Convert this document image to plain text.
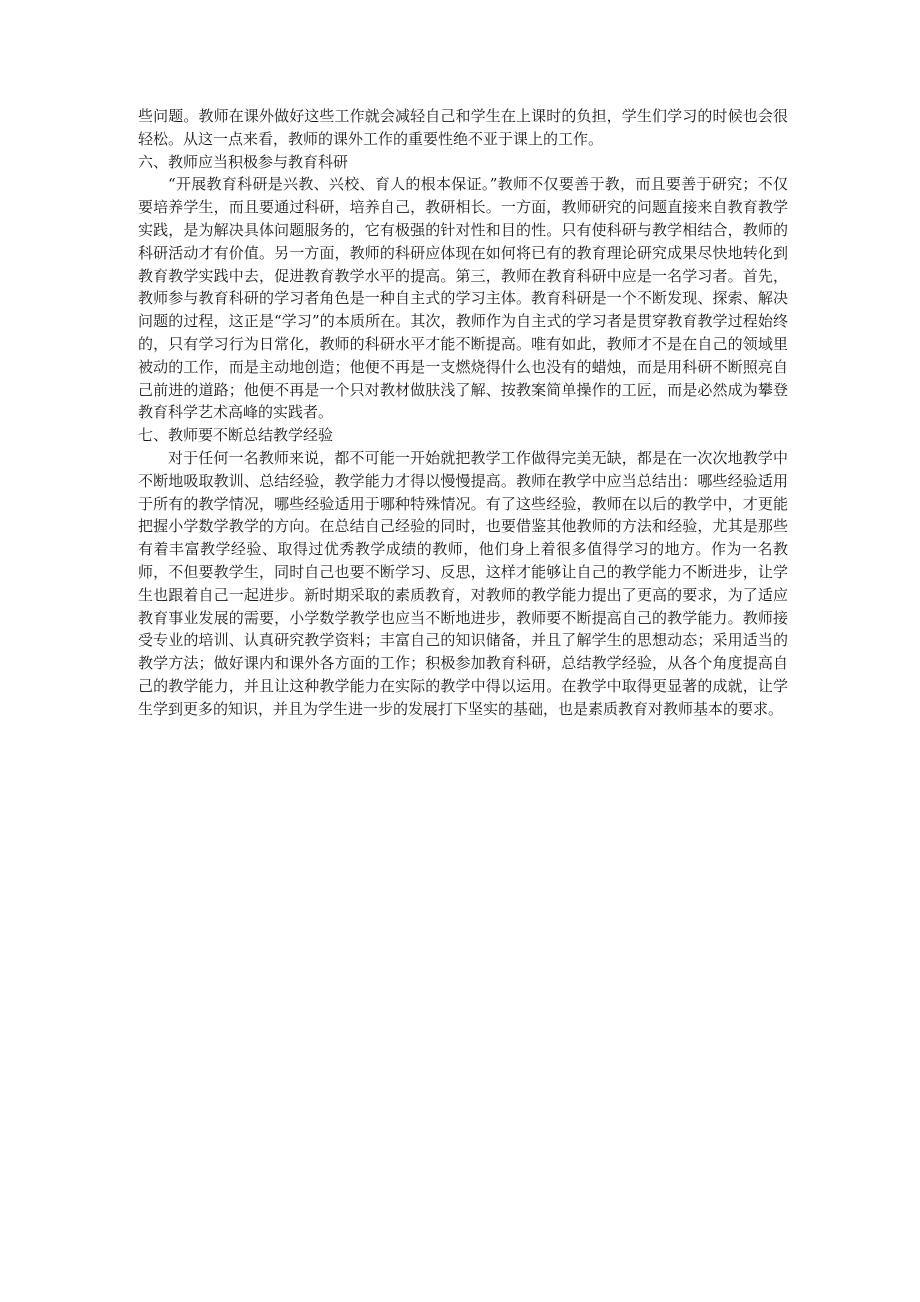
些问题。教师在课外做好这些工作就会减轻自己和学生在上课时的负担，学生们学习的时候也会很轻松。从这一点来看，教师的课外工作的重要性绝不亚于课上的工作。

六、教师应当积极参与教育科研

“开展教育科研是兴教、兴校、育人的根本保证。”教师不仅要善于教，而且要善于研究；不仅要培养学生，而且要通过科研，培养自己，教研相长。一方面，教师研究的问题直接来自教育教学实践，是为解决具体问题服务的，它有极强的针对性和目的性。只有使科研与教学相结合，教师的科研活动才有价值。另一方面，教师的科研应体现在如何将已有的教育理论研究成果尽快地转化到教育教学实践中去，促进教育教学水平的提高。第三，教师在教育科研中应是一名学习者。首先，教师参与教育科研的学习者角色是一种自主式的学习主体。教育科研是一个不断发现、探索、解决问题的过程，这正是“学习”的本质所在。其次，教师作为自主式的学习者是贯穿教育教学过程始终的，只有学习行为日常化，教师的科研水平才能不断提高。唯有如此，教师才不是在自己的领域里被动的工作，而是主动地创造；他便不再是一支燃烧得什么也没有的蜡烛，而是用科研不断照亮自己前进的道路；他便不再是一个只对教材做肤浅了解、按教案简单操作的工匠，而是必然成为攀登教育科学艺术高峰的实践者。

七、教师要不断总结教学经验

对于任何一名教师来说，都不可能一开始就把教学工作做得完美无缺，都是在一次次地教学中不断地吸取教训、总结经验，教学能力才得以慢慢提高。教师在教学中应当总结出：哪些经验适用于所有的教学情况，哪些经验适用于哪种特殊情况。有了这些经验，教师在以后的教学中，才更能把握小学数学教学的方向。在总结自己经验的同时，也要借鉴其他教师的方法和经验，尤其是那些有着丰富教学经验、取得过优秀教学成绩的教师，他们身上着很多值得学习的地方。作为一名教师，不但要教学生，同时自己也要不断学习、反思，这样才能够让自己的教学能力不断进步，让学生也跟着自己一起进步。新时期采取的素质教育，对教师的教学能力提出了更高的要求，为了适应教育事业发展的需要，小学数学教学也应当不断地进步，教师要不断提高自己的教学能力。教师接受专业的培训、认真研究教学资料；丰富自己的知识储备，并且了解学生的思想动态；采用适当的教学方法；做好课内和课外各方面的工作；积极参加教育科研，总结教学经验，从各个角度提高自己的教学能力，并且让这种教学能力在实际的教学中得以运用。在教学中取得更显著的成就，让学生学到更多的知识，并且为学生进一步的发展打下坚实的基础，也是素质教育对教师基本的要求。
